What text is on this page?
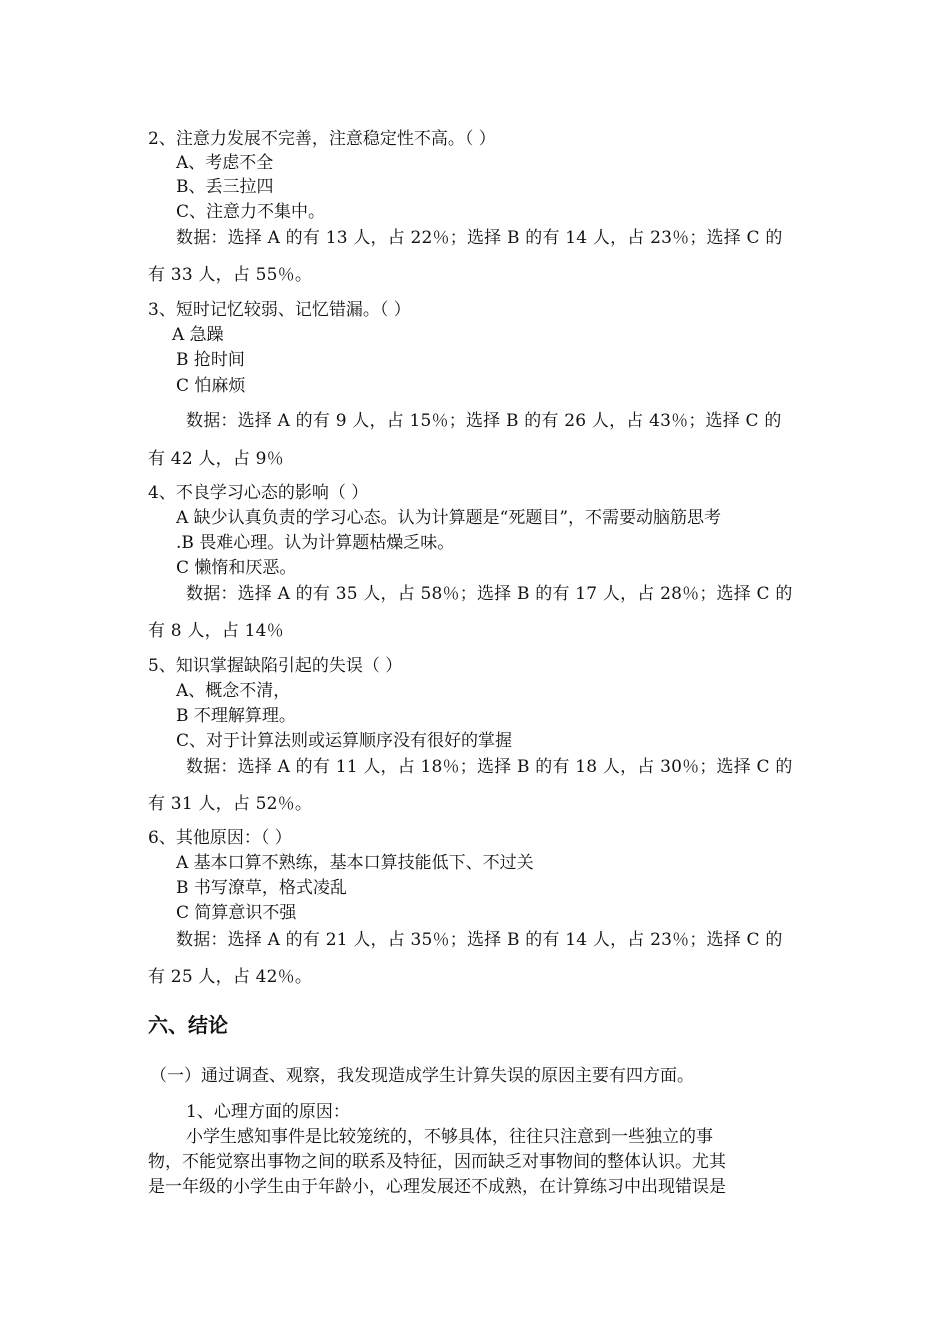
2、注意力发展不完善，注意稳定性不高。（ ）
A、考虑不全
B、丢三拉四
C、注意力不集中。
数据：选择 A 的有 13 人，占 22％；选择 B 的有 14 人，占 23％；选择 C 的
有 33 人，占 55％。
3、短时记忆较弱、记忆错漏。（ ）
A 急躁
B 抢时间
C 怕麻烦
数据：选择 A 的有 9 人，占 15％；选择 B 的有 26 人，占 43％；选择 C 的
有 42 人，占 9％
4、不良学习心态的影响（ ）
A 缺少认真负责的学习心态。认为计算题是“死题目”，不需要动脑筋思考
.B 畏难心理。认为计算题枯燥乏味。
C 懒惰和厌恶。
数据：选择 A 的有 35 人，占 58％；选择 B 的有 17 人，占 28％；选择 C 的
有 8 人，占 14％
5、知识掌握缺陷引起的失误（ ）
A、概念不清，
B 不理解算理。
C、对于计算法则或运算顺序没有很好的掌握
数据：选择 A 的有 11 人，占 18％；选择 B 的有 18 人，占 30％；选择 C 的
有 31 人，占 52％。
6、其他原因：（ ）
A 基本口算不熟练，基本口算技能低下、不过关
B 书写潦草，格式凌乱
C 简算意识不强
数据：选择 A 的有 21 人，占 35％；选择 B 的有 14 人，占 23％；选择 C 的
有 25 人，占 42％。
六、结论
（一）通过调查、观察，我发现造成学生计算失误的原因主要有四方面。
1、心理方面的原因：
小学生感知事件是比较笼统的，不够具体，往往只注意到一些独立的事
物，不能觉察出事物之间的联系及特征，因而缺乏对事物间的整体认识。尤其
是一年级的小学生由于年龄小，心理发展还不成熟，在计算练习中出现错误是
